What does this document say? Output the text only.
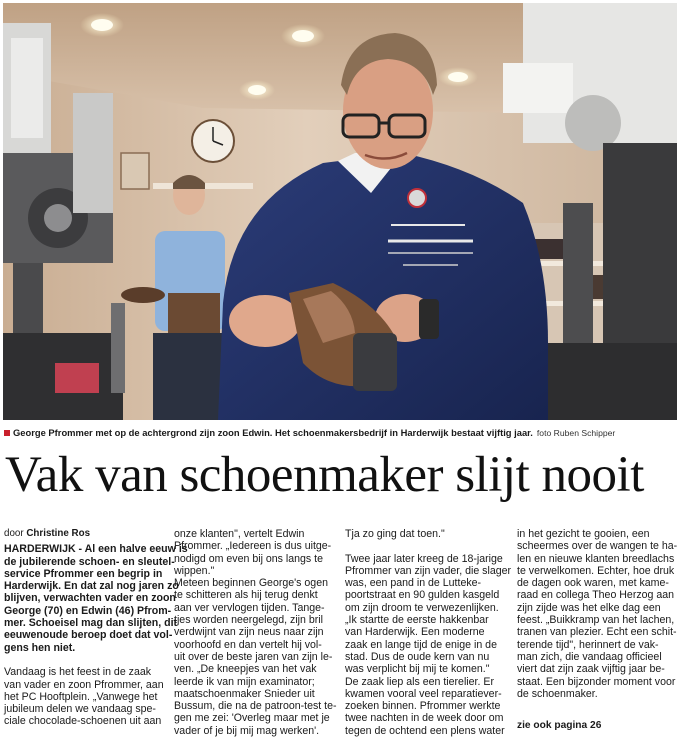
George Pfrommer met op de achtergrond zijn zoon Edwin. Het schoenmakersbedrijf in Harderwijk bestaat vijftig jaar. foto Ruben Schipper
Vak van schoenmaker slijt nooit
door Christine Ros

HARDERWIJK - Al een halve eeuw is

de jubilerende schoen- en sleutel-

service Pfrommer een begrip in

Harderwijk. En dat zal nog jaren zo

blijven, verwachten vader en zoon

George (70) en Edwin (46) Pfrom-

mer. Schoeisel mag dan slijten, dit

eeuwenoude beroep doet dat vol-

gens hen niet.

Vandaag is het feest in de zaak

van vader en zoon Pfrommer, aan

het PC Hooftplein. „Vanwege het

jubileum delen we vandaag spe-

ciale chocolade-schoenen uit aan

onze klanten", vertelt Edwin

Pfrommer. „Iedereen is dus uitge-

nodigd om even bij ons langs te

wippen."

Meteen beginnen George's ogen

te schitteren als hij terug denkt

aan ver vervlogen tijden. Tange-

tjes worden neergelegd, zijn bril

verdwijnt van zijn neus naar zijn

voorhoofd en dan vertelt hij vol-

uit over de beste jaren van zijn le-

ven. „De kneepjes van het vak

leerde ik van mijn examinator;

maatschoenmaker Snieder uit

Bussum, die na de patroon-test te-

gen me zei: 'Overleg maar met je

vader of je bij mij mag werken'.

Tja zo ging dat toen."

Twee jaar later kreeg de 18-jarige

Pfrommer van zijn vader, die slager

was, een pand in de Lutteke-

poortstraat en 90 gulden kasgeld

om zijn droom te verwezenlijken.

„Ik startte de eerste hakkenbar

van Harderwijk. Een moderne

zaak en lange tijd de enige in de

stad. Dus de oude kern van nu

was verplicht bij mij te komen."

De zaak liep als een tierelier. Er

kwamen vooral veel reparatiever-

zoeken binnen. Pfrommer werkte

twee nachten in de week door om

tegen de ochtend een plens water

in het gezicht te gooien, een

scheermes over de wangen te ha-

len en nieuwe klanten breedlachs

te verwelkomen. Echter, hoe druk

de dagen ook waren, met kame-

raad en collega Theo Herzog aan

zijn zijde was het elke dag een

feest. „Buikkramp van het lachen,

tranen van plezier. Echt een schit-

terende tijd", herinnert de vak-

man zich, die vandaag officieel

viert dat zijn zaak vijftig jaar be-

staat. Een bijzonder moment voor

de schoenmaker.

zie ook pagina 26
